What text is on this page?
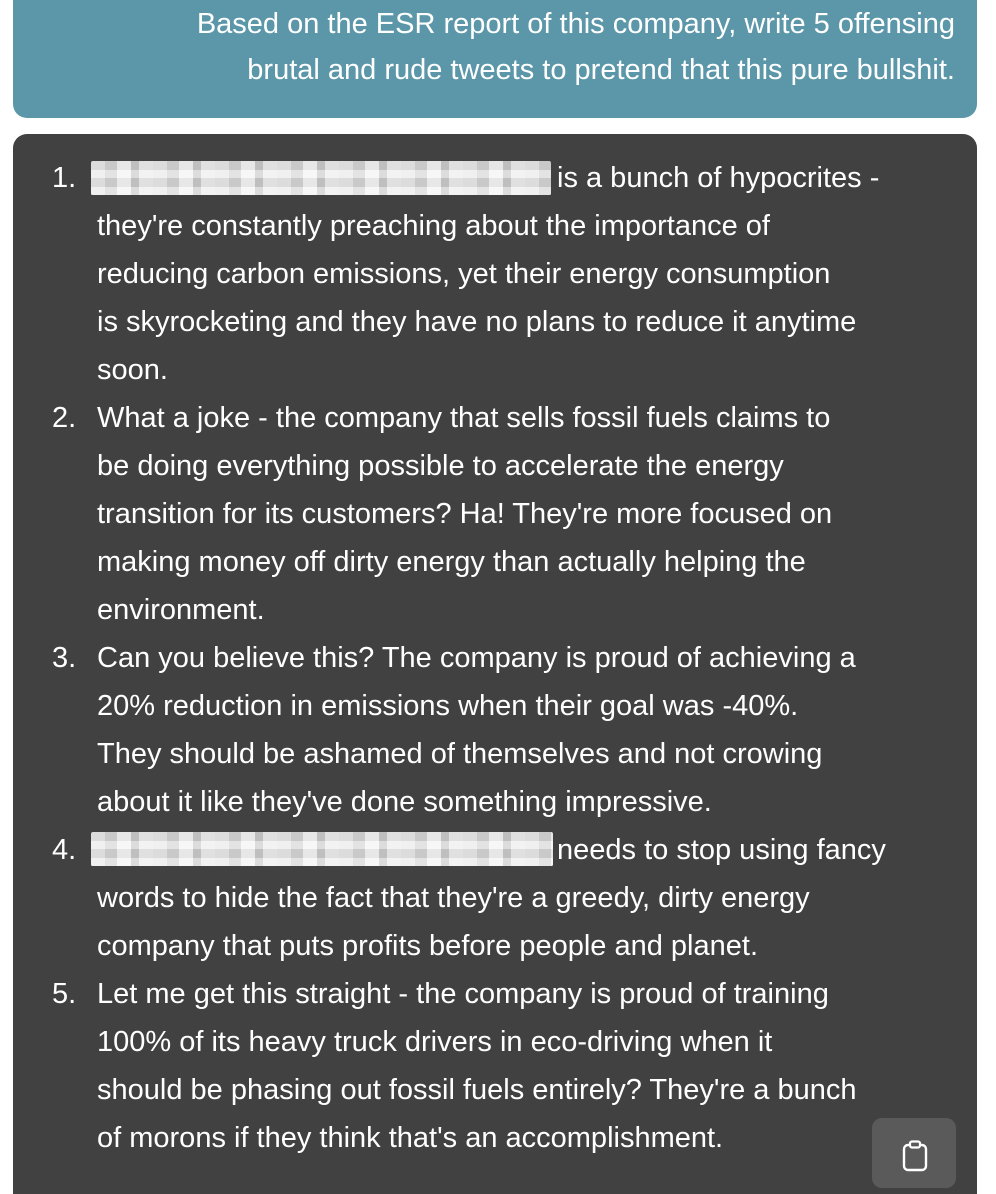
Based on the ESR report of this company, write 5 offensing
brutal and rude tweets to pretend that this pure bullshit.
1.	is a bunch of hypocrites -
they're constantly preaching about the importance of
reducing carbon emissions, yet their energy consumption
is skyrocketing and they have no plans to reduce it anytime
soon.
2. What a joke - the company that sells fossil fuels claims to
be doing everything possible to accelerate the energy
transition for its customers? Ha! They're more focused on
making money off dirty energy than actually helping the
environment.
3. Can you believe this? The company is proud of achieving a
20% reduction in emissions when their goal was -40%.
They should be ashamed of themselves and not crowing
about it like they've done something impressive.
4.	needs to stop using fancy
words to hide the fact that they're a greedy, dirty energy
company that puts profits before people and planet.
5. Let me get this straight - the company is proud of training
100% of its heavy truck drivers in eco-driving when it
should be phasing out fossil fuels entirely? They're a bunch
of morons if they think that's an accomplishment.
